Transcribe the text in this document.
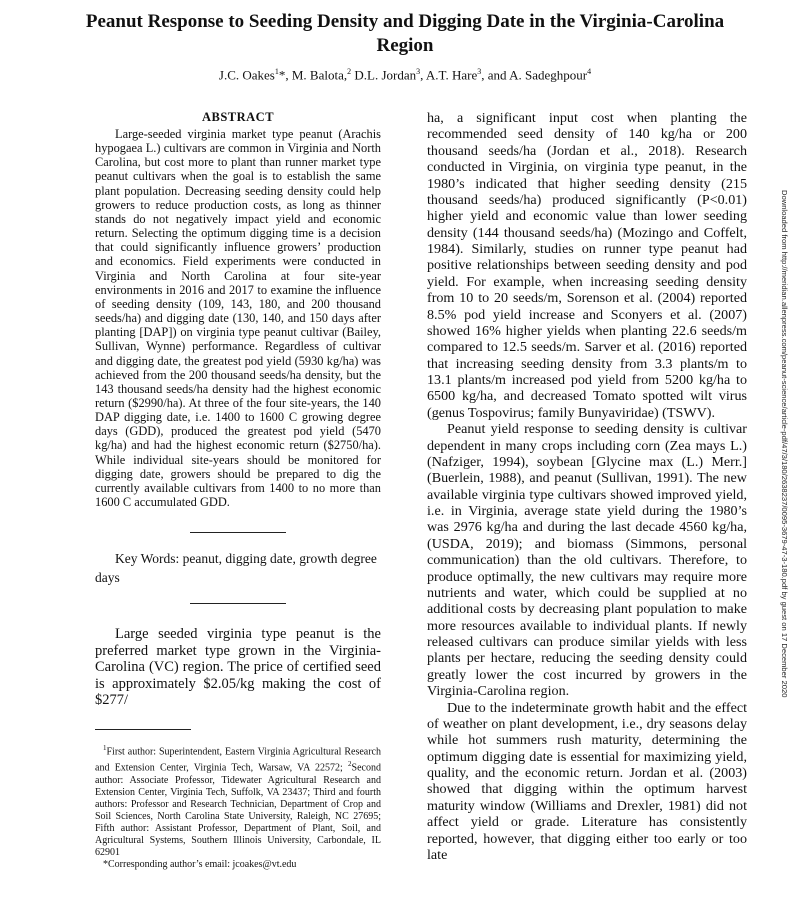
Peanut Response to Seeding Density and Digging Date in the Virginia-Carolina Region
J.C. Oakes$^1$*, M. Balota,$^2$ D.L. Jordan$^3$, A.T. Hare$^3$, and A. Sadeghpour$^4$
ABSTRACT

Large-seeded virginia market type peanut (Arachis hypogaea L.) cultivars are common in Virginia and North Carolina, but cost more to plant than runner market type peanut cultivars when the goal is to establish the same plant population. Decreasing seeding density could help growers to reduce production costs, as long as thinner stands do not negatively impact yield and economic return. Selecting the optimum digging time is a decision that could significantly influence growers’ production and economics. Field experiments were conducted in Virginia and North Carolina at four site-year environments in 2016 and 2017 to examine the influence of seeding density (109, 143, 180, and 200 thousand seeds/ha) and digging date (130, 140, and 150 days after planting [DAP]) on virginia type peanut cultivar (Bailey, Sullivan, Wynne) performance. Regardless of cultivar and digging date, the greatest pod yield (5930 kg/ha) was achieved from the 200 thousand seeds/ha density, but the 143 thousand seeds/ha density had the highest economic return ($2990/ha). At three of the four site-years, the 140 DAP digging date, i.e. 1400 to 1600 C growing degree days (GDD), produced the greatest pod yield (5470 kg/ha) and had the highest economic return ($2750/ha). While individual site-years should be monitored for digging date, growers should be prepared to dig the currently available cultivars from 1400 to no more than 1600 C accumulated GDD.

Key Words: peanut, digging date, growth degree days

Large seeded virginia type peanut is the preferred market type grown in the Virginia-Carolina (VC) region. The price of certified seed is approximately $2.05/kg making the cost of $277/

$^1$First author: Superintendent, Eastern Virginia Agricultural Research and Extension Center, Virginia Tech, Warsaw, VA 22572; $^2$Second author: Associate Professor, Tidewater Agricultural Research and Extension Center, Virginia Tech, Suffolk, VA 23437; Third and fourth authors: Professor and Research Technician, Department of Crop and Soil Sciences, North Carolina State University, Raleigh, NC 27695; Fifth author: Assistant Professor, Department of Plant, Soil, and Agricultural Systems, Southern Illinois University, Carbondale, IL 62901

*Corresponding author’s email: jcoakes@vt.edu

ha, a significant input cost when planting the recommended seed density of 140 kg/ha or 200 thousand seeds/ha (Jordan et al., 2018). Research conducted in Virginia, on virginia type peanut, in the 1980’s indicated that higher seeding density (215 thousand seeds/ha) produced significantly (P<0.01) higher yield and economic value than lower seeding density (144 thousand seeds/ha) (Mozingo and Coffelt, 1984). Similarly, studies on runner type peanut had positive relationships between seeding density and pod yield. For example, when increasing seeding density from 10 to 20 seeds/m, Sorenson et al. (2004) reported 8.5% pod yield increase and Sconyers et al. (2007) showed 16% higher yields when planting 22.6 seeds/m compared to 12.5 seeds/m. Sarver et al. (2016) reported that increasing seeding density from 3.3 plants/m to 13.1 plants/m increased pod yield from 5200 kg/ha to 6500 kg/ha, and decreased Tomato spotted wilt virus (genus Tospovirus; family Bunyaviridae) (TSWV).

Peanut yield response to seeding density is cultivar dependent in many crops including corn (Zea mays L.) (Nafziger, 1994), soybean [Glycine max (L.) Merr.] (Buerlein, 1988), and peanut (Sullivan, 1991). The new available virginia type cultivars showed improved yield, i.e. in Virginia, average state yield during the 1980’s was 2976 kg/ha and during the last decade 4560 kg/ha, (USDA, 2019); and biomass (Simmons, personal communication) than the old cultivars. Therefore, to produce optimally, the new cultivars may require more nutrients and water, which could be supplied at no additional costs by decreasing plant population to make more resources available to individual plants. If newly released cultivars can produce similar yields with less plants per hectare, reducing the seeding density could greatly lower the cost incurred by growers in the Virginia-Carolina region.

Due to the indeterminate growth habit and the effect of weather on plant development, i.e., dry seasons delay while hot summers rush maturity, determining the optimum digging date is essential for maximizing yield, quality, and the economic return. Jordan et al. (2003) showed that digging within the optimum harvest maturity window (Williams and Drexler, 1981) did not affect yield or grade. Literature has consistently reported, however, that digging either too early or too late

Downloaded from http://meridian.allenpress.com/peanut-science/article-pdf/47/3/180/2638237/0095-3679-47-3-180.pdf by guest on 17 December 2020
